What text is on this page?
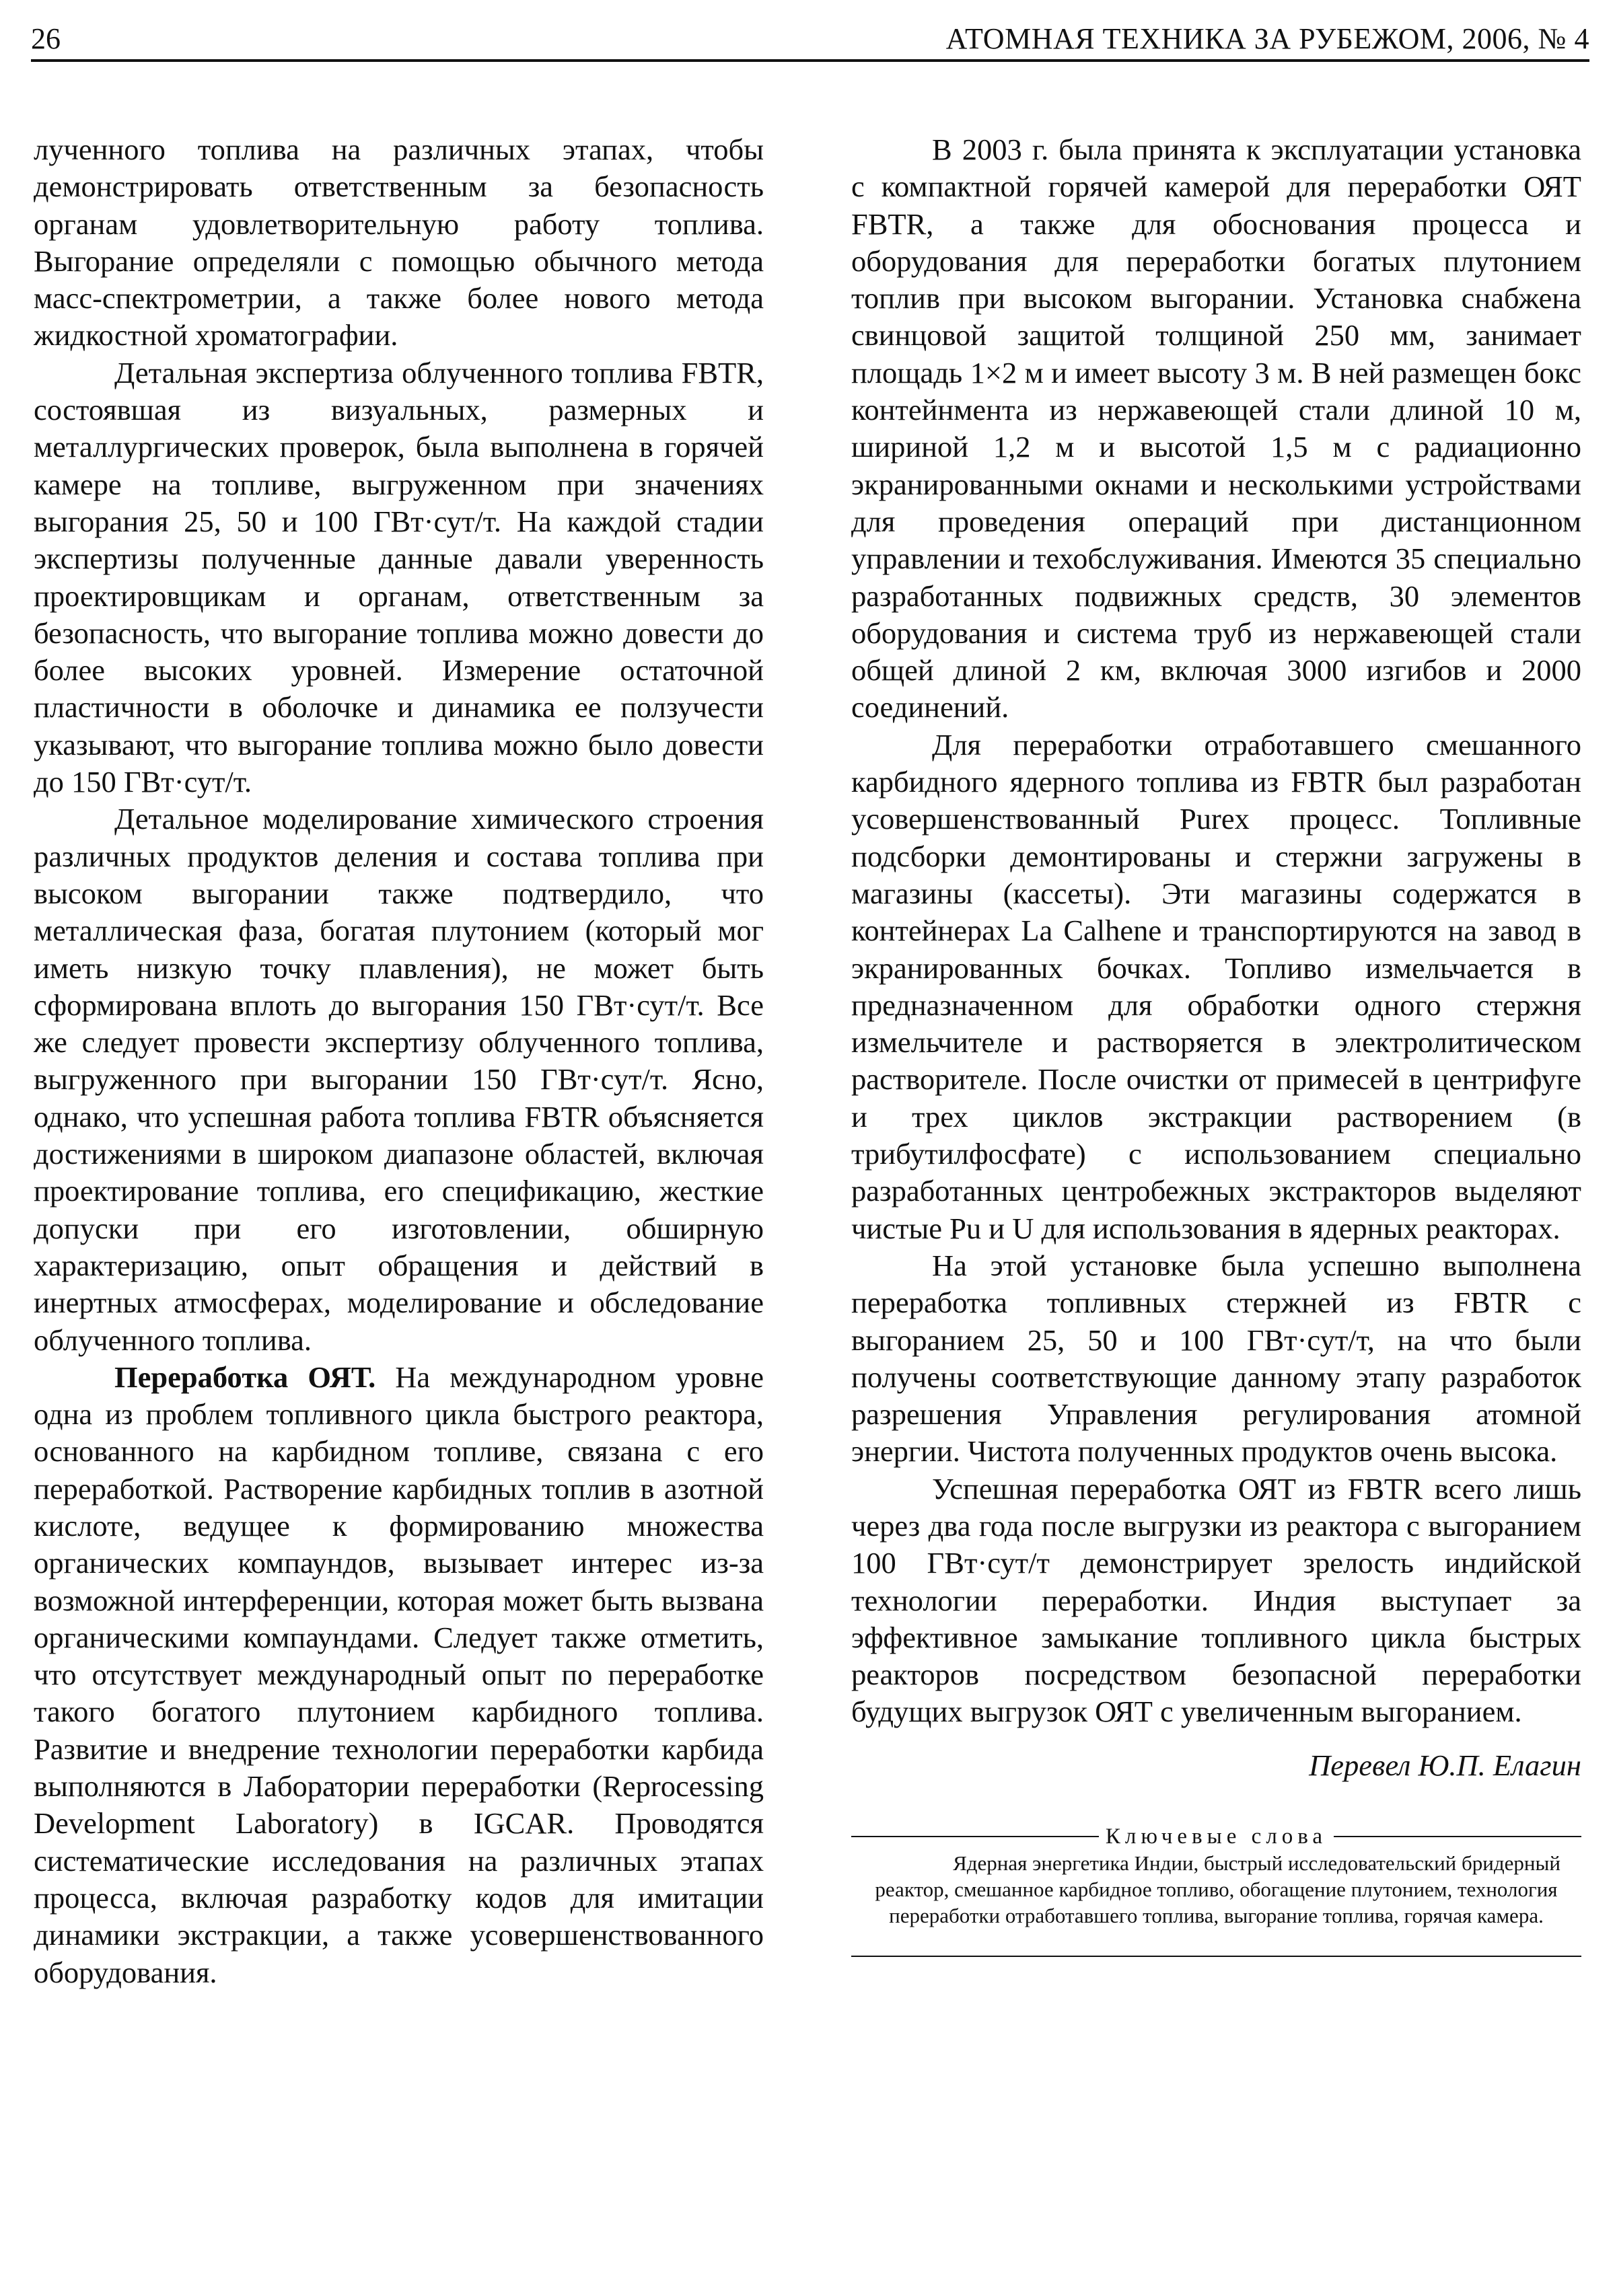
26	АТОМНАЯ ТЕХНИКА ЗА РУБЕЖОМ, 2006, № 4

лученного топлива на различных этапах, чтобы демонстрировать ответственным за безопасность органам удовлетворительную работу топлива. Выгорание определяли с помощью обычного метода масс-спектрометрии, а также более нового метода жидкостной хроматографии.

Детальная экспертиза облученного топлива FBTR, состоявшая из визуальных, размерных и металлургических проверок, была выполнена в горячей камере на топливе, выгруженном при значениях выгорания 25, 50 и 100 ГВт·сут/т. На каждой стадии экспертизы полученные данные давали уверенность проектировщикам и органам, ответственным за безопасность, что выгорание топлива можно довести до более высоких уровней. Измерение остаточной пластичности в оболочке и динамика ее ползучести указывают, что выгорание топлива можно было довести до 150 ГВт·сут/т.

Детальное моделирование химического строения различных продуктов деления и состава топлива при высоком выгорании также подтвердило, что металлическая фаза, богатая плутонием (который мог иметь низкую точку плавления), не может быть сформирована вплоть до выгорания 150 ГВт·сут/т. Все же следует провести экспертизу облученного топлива, выгруженного при выгорании 150 ГВт·сут/т. Ясно, однако, что успешная работа топлива FBTR объясняется достижениями в широком диапазоне областей, включая проектирование топлива, его спецификацию, жесткие допуски при его изготовлении, обширную характеризацию, опыт обращения и действий в инертных атмосферах, моделирование и обследование облученного топлива.

Переработка ОЯТ. На международном уровне одна из проблем топливного цикла быстрого реактора, основанного на карбидном топливе, связана с его переработкой. Растворение карбидных топлив в азотной кислоте, ведущее к формированию множества органических компаундов, вызывает интерес из-за возможной интерференции, которая может быть вызвана органическими компаундами. Следует также отметить, что отсутствует международный опыт по переработке такого богатого плутонием карбидного топлива. Развитие и внедрение технологии переработки карбида выполняются в Лаборатории переработки (Reprocessing Development Laboratory) в IGCAR. Проводятся систематические исследования на различных этапах процесса, включая разработку кодов для имитации динамики экстракции, а также усовершенствованного оборудования.

В 2003 г. была принята к эксплуатации установка с компактной горячей камерой для переработки ОЯТ FBTR, а также для обоснования процесса и оборудования для переработки богатых плутонием топлив при высоком выгорании. Установка снабжена свинцовой защитой толщиной 250 мм, занимает площадь 1×2 м и имеет высоту 3 м. В ней размещен бокс контейнмента из нержавеющей стали длиной 10 м, шириной 1,2 м и высотой 1,5 м с радиационно экранированными окнами и несколькими устройствами для проведения операций при дистанционном управлении и техобслуживания. Имеются 35 специально разработанных подвижных средств, 30 элементов оборудования и система труб из нержавеющей стали общей длиной 2 км, включая 3000 изгибов и 2000 соединений.

Для переработки отработавшего смешанного карбидного ядерного топлива из FBTR был разработан усовершенствованный Purex процесс. Топливные подсборки демонтированы и стержни загружены в магазины (кассеты). Эти магазины содержатся в контейнерах La Calhene и транспортируются на завод в экранированных бочках. Топливо измельчается в предназначенном для обработки одного стержня измельчителе и растворяется в электролитическом растворителе. После очистки от примесей в центрифуге и трех циклов экстракции растворением (в трибутилфосфате) с использованием специально разработанных центробежных экстракторов выделяют чистые Pu и U для использования в ядерных реакторах.

На этой установке была успешно выполнена переработка топливных стержней из FBTR с выгоранием 25, 50 и 100 ГВт·сут/т, на что были получены соответствующие данному этапу разработок разрешения Управления регулирования атомной энергии. Чистота полученных продуктов очень высока.

Успешная переработка ОЯТ из FBTR всего лишь через два года после выгрузки из реактора с выгоранием 100 ГВт·сут/т демонстрирует зрелость индийской технологии переработки. Индия выступает за эффективное замыкание топливного цикла быстрых реакторов посредством безопасной переработки будущих выгрузок ОЯТ с увеличенным выгоранием.

Перевел Ю.П. Елагин

Ключевые слова

Ядерная энергетика Индии, быстрый исследовательский бридерный реактор, смешанное карбидное топливо, обогащение плутонием, технология переработки отработавшего топлива, выгорание топлива, горячая камера.
